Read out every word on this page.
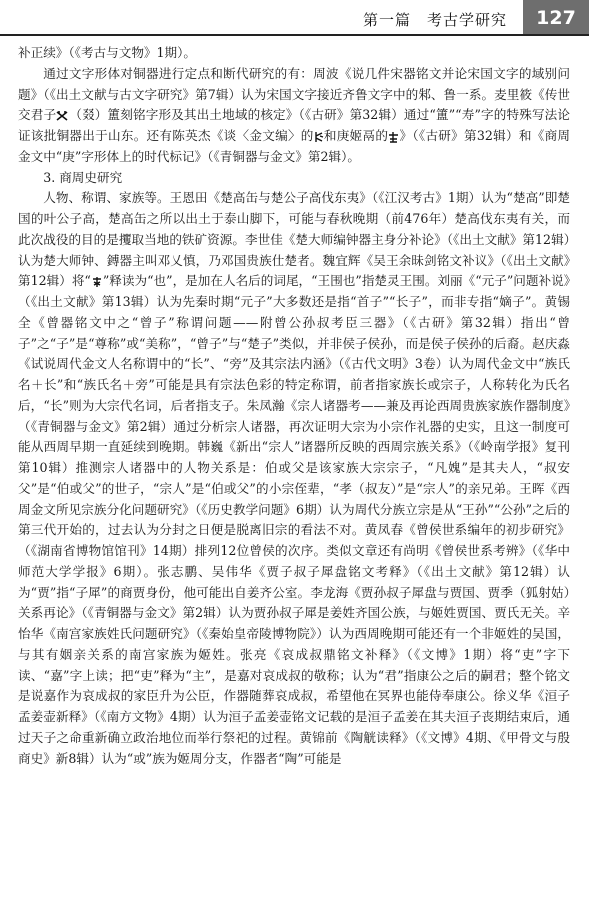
第一篇　考古学研究	127

补正续》（《考古与文物》1期）。

通过文字形体对铜器进行定点和断代研究的有：周波《说几件宋器铭文并论宋国文字的域别问题》（《出土文献与古文字研究》第7辑）认为宋国文字接近齐鲁文字中的邾、鲁一系。麦里筱《传世交君子 （叕）簠刻铭字形及其出土地域的核定》（《古研》第32辑）通过“簠”“寿”字的特殊写法论证该批铜器出于山东。还有陈英杰《谈〈金文编〉的 和庚姬鬲的 》（《古研》第32辑）和《商周金文中“庚”字形体上的时代标记》（《青铜器与金文》第2辑）。

3. 商周史研究

人物、称谓、家族等。王恩田《楚高缶与楚公子高伐东夷》（《江汉考古》1期）认为“楚高”即楚国的叶公子高，楚高缶之所以出土于泰山脚下，可能与春秋晚期（前476年）楚高伐东夷有关，而此次战役的目的是攫取当地的铁矿资源。李世佳《楚大师编钟器主身分补论》（《出土文献》第12辑）认为楚大师钟、鎛器主叫邓乂慎，乃邓国贵族仕楚者。魏宜辉《吴王余昧剑铭文补议》（《出土文献》第12辑）将“ ”释读为“也”，是加在人名后的词尾，“王围也”指楚灵王围。刘丽《“元子”问题补说》（《出土文献》第13辑）认为先秦时期“元子”大多数还是指“首子”“长子”，而非专指“嫡子”。黄锡全《曾器铭文中之“曾子”称谓问题——附曾公孙叔考臣三器》（《古研》第32辑）指出“曾子”之“子”是“尊称”或“美称”，“曾子”与“楚子”类似，并非侯子侯孙，而是侯子侯孙的后裔。赵庆淼《试说周代金文人名称谓中的“长”、“旁”及其宗法内涵》（《古代文明》3卷）认为周代金文中“族氏名＋长”和“族氏名＋旁”可能是具有宗法色彩的特定称谓，前者指家族长或宗子，人称转化为氏名后，“长”则为大宗代名词，后者指支子。朱凤瀚《宗人诸器考——兼及再论西周贵族家族作器制度》（《青铜器与金文》第2辑）通过分析宗人诸器，再次证明大宗为小宗作礼器的史实，且这一制度可能从西周早期一直延续到晚期。韩巍《新出“宗人”诸器所反映的西周宗族关系》（《岭南学报》复刊第10辑）推测宗人诸器中的人物关系是：伯或父是该家族大宗宗子，“凡媿”是其夫人，“叔安父”是“伯或父”的世子，“宗人”是“伯或父”的小宗侄辈，“孝（叔友）”是“宗人”的亲兄弟。王晖《西周金文所见宗族分化问题研究》（《历史教学问题》6期）认为周代分族立宗是从“王孙”“公孙”之后的第三代开始的，过去认为分封之日便是脱离旧宗的看法不对。黄凤春《曾侯世系编年的初步研究》（《湖南省博物馆馆刊》14期）排列12位曾侯的次序。类似文章还有尚明《曾侯世系考辨》（《华中师范大学学报》6期）。张志鹏、吴伟华《贾子叔子犀盘铭文考释》（《出土文献》第12辑）认为“贾”指“子犀”的商贾身份，他可能出自姜齐公室。李龙海《贾孙叔子犀盘与贾国、贾季（狐射姑）关系再论》（《青铜器与金文》第2辑）认为贾孙叔子犀是姜姓齐国公族，与姬姓贾国、贾氏无关。辛怡华《南宫家族姓氏问题研究》（《秦始皇帝陵博物院》）认为西周晚期可能还有一个非姬姓的吴国，与其有姻亲关系的南宫家族为姬姓。张亮《哀成叔鼎铭文补释》（《文博》1期）将“吏”字下读、“嘉”字上读；把“吏”释为“主”，是嘉对哀成叔的敬称；认为“君”指康公之后的嗣君；整个铭文是说嘉作为哀成叔的家臣升为公臣，作器随葬哀成叔，希望他在冥界也能侍奉康公。徐义华《洹子孟姜壶新释》（《南方文物》4期）认为洹子孟姜壶铭文记载的是洹子孟姜在其夫洹子丧期结束后，通过天子之命重新确立政治地位而举行祭祀的过程。黄锦前《陶觥读释》（《文博》4期、《甲骨文与殷商史》新8辑）认为“或”族为姬周分支，作器者“陶”可能是
